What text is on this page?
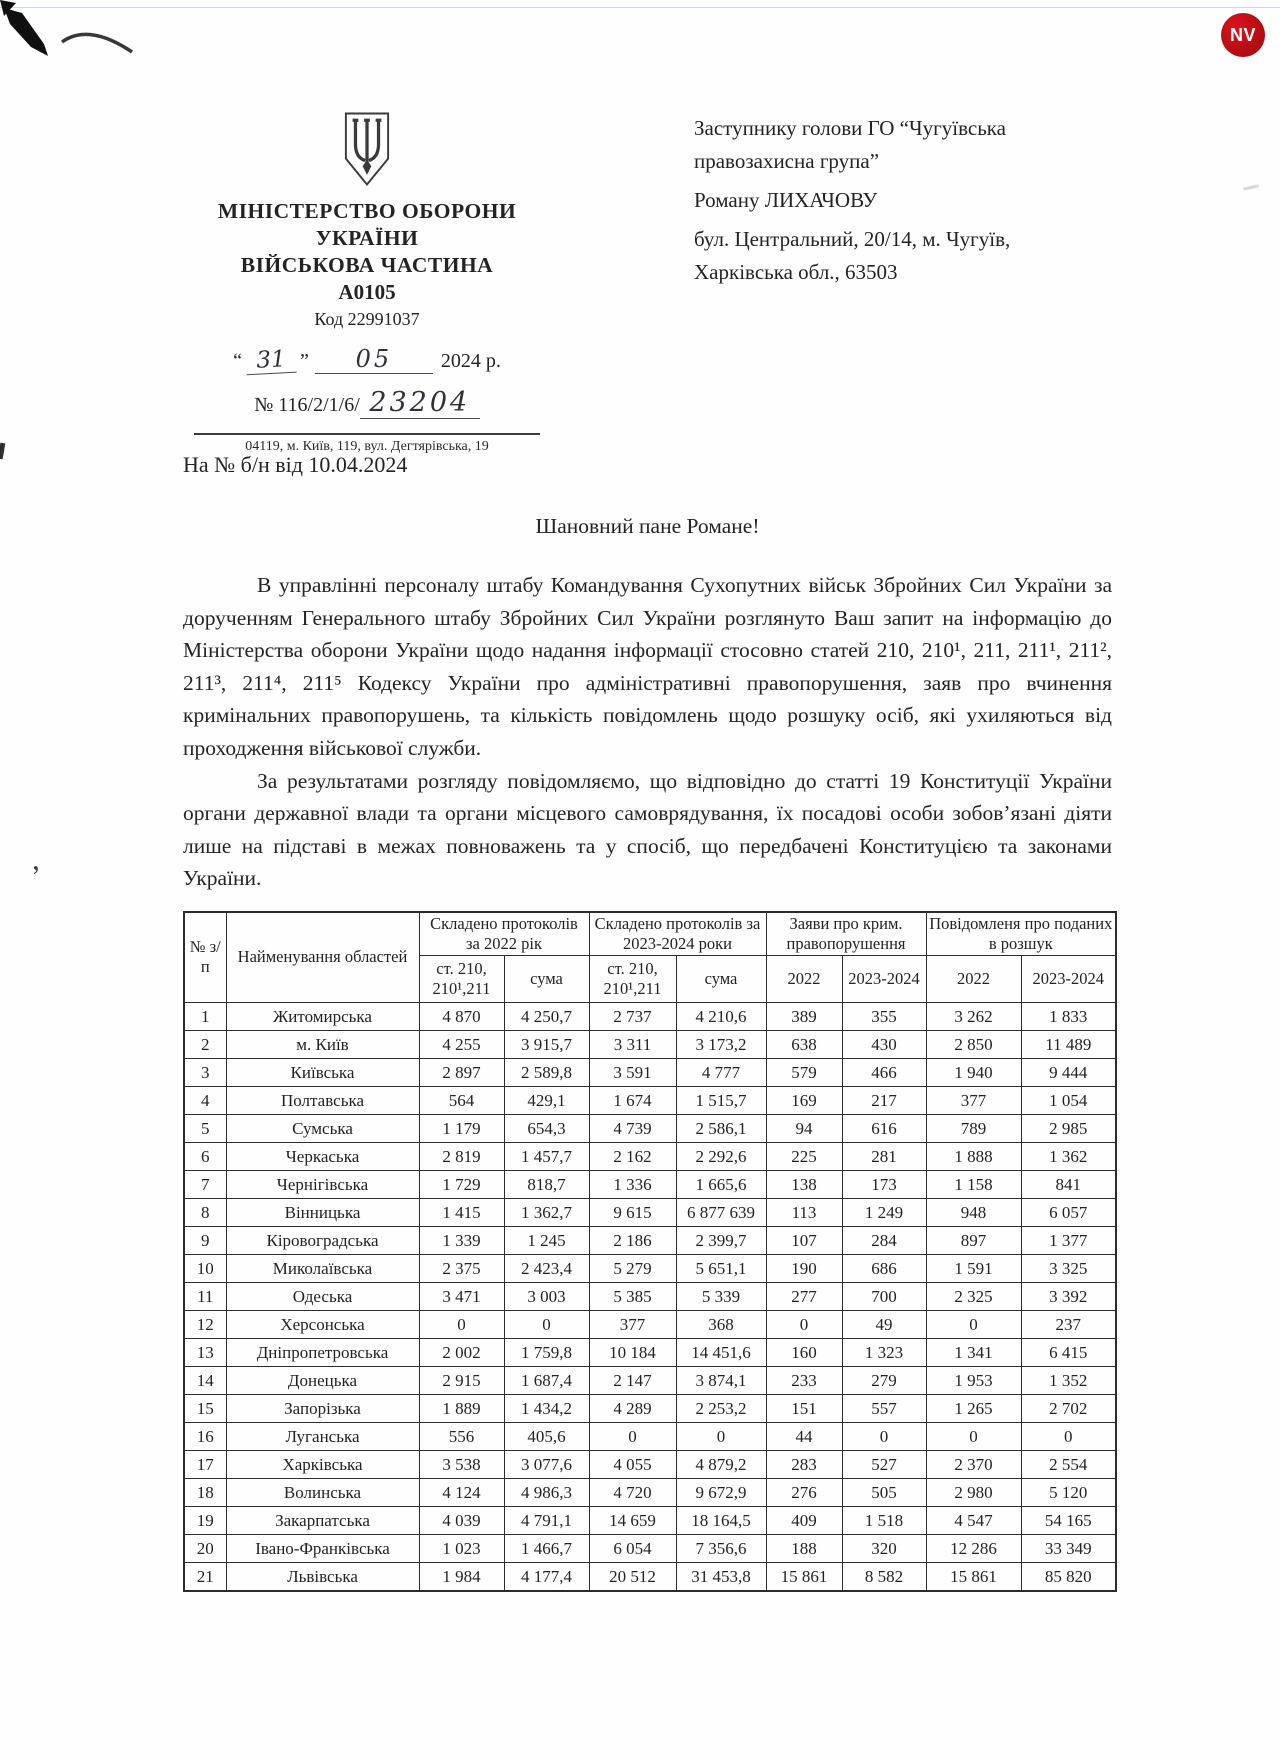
’
NV
МІНІСТЕРСТВО ОБОРОНИ
УКРАЇНИ
ВІЙСЬКОВА ЧАСТИНА
А0105
Код 22991037
“ 31 ” 05 2024 р.
№ 116/2/1/6/ 23204
04119, м. Київ, 119, вул. Дегтярівська, 19

Заступнику голови ГО “Чугуївська правозахисна група”

Роману ЛИХАЧОВУ

бул. Центральний, 20/14, м. Чугуїв,

Харківська обл., 63503

На № б/н від 10.04.2024
Шановний пане Романе!

В управлінні персоналу штабу Командування Сухопутних військ Збройних Сил України за дорученням Генерального штабу Збройних Сил України розглянуто Ваш запит на інформацію до Міністерства оборони України щодо надання інформації стосовно статей 210, 210¹, 211, 211¹, 211², 211³, 211⁴, 211⁵ Кодексу України про адміністративні правопорушення, заяв про вчинення кримінальних правопорушень, та кількість повідомлень щодо розшуку осіб, які ухиляються від проходження військової служби.

За результатами розгляду повідомляємо, що відповідно до статті 19 Конституції України органи державної влади та органи місцевого самоврядування, їх посадові особи зобов’язані діяти лише на підставі в межах повноважень та у спосіб, що передбачені Конституцією та законами України.

№ з/п	Найменування областей	Складено протоколів за 2022 рік		Складено протоколів за 2023-2024 роки		Заяви про крим. правопорушення		Повідомленя про поданих в розшук	
		ст. 210, 210¹,211	сума	ст. 210, 210¹,211	сума	2022	2023-2024	2022	2023-2024
1	Житомирська	4 870	4 250,7	2 737	4 210,6	389	355	3 262	1 833
2	м. Київ	4 255	3 915,7	3 311	3 173,2	638	430	2 850	11 489
3	Київська	2 897	2 589,8	3 591	4 777	579	466	1 940	9 444
4	Полтавська	564	429,1	1 674	1 515,7	169	217	377	1 054
5	Сумська	1 179	654,3	4 739	2 586,1	94	616	789	2 985
6	Черкаська	2 819	1 457,7	2 162	2 292,6	225	281	1 888	1 362
7	Чернігівська	1 729	818,7	1 336	1 665,6	138	173	1 158	841
8	Вінницька	1 415	1 362,7	9 615	6 877 639	113	1 249	948	6 057
9	Кіровоградська	1 339	1 245	2 186	2 399,7	107	284	897	1 377
10	Миколаївська	2 375	2 423,4	5 279	5 651,1	190	686	1 591	3 325
11	Одеська	3 471	3 003	5 385	5 339	277	700	2 325	3 392
12	Херсонська	0	0	377	368	0	49	0	237
13	Дніпропетровська	2 002	1 759,8	10 184	14 451,6	160	1 323	1 341	6 415
14	Донецька	2 915	1 687,4	2 147	3 874,1	233	279	1 953	1 352
15	Запорізька	1 889	1 434,2	4 289	2 253,2	151	557	1 265	2 702
16	Луганська	556	405,6	0	0	44	0	0	0
17	Харківська	3 538	3 077,6	4 055	4 879,2	283	527	2 370	2 554
18	Волинська	4 124	4 986,3	4 720	9 672,9	276	505	2 980	5 120
19	Закарпатська	4 039	4 791,1	14 659	18 164,5	409	1 518	4 547	54 165
20	Івано-Франківська	1 023	1 466,7	6 054	7 356,6	188	320	12 286	33 349
21	Львівська	1 984	4 177,4	20 512	31 453,8	15 861	8 582	15 861	85 820
